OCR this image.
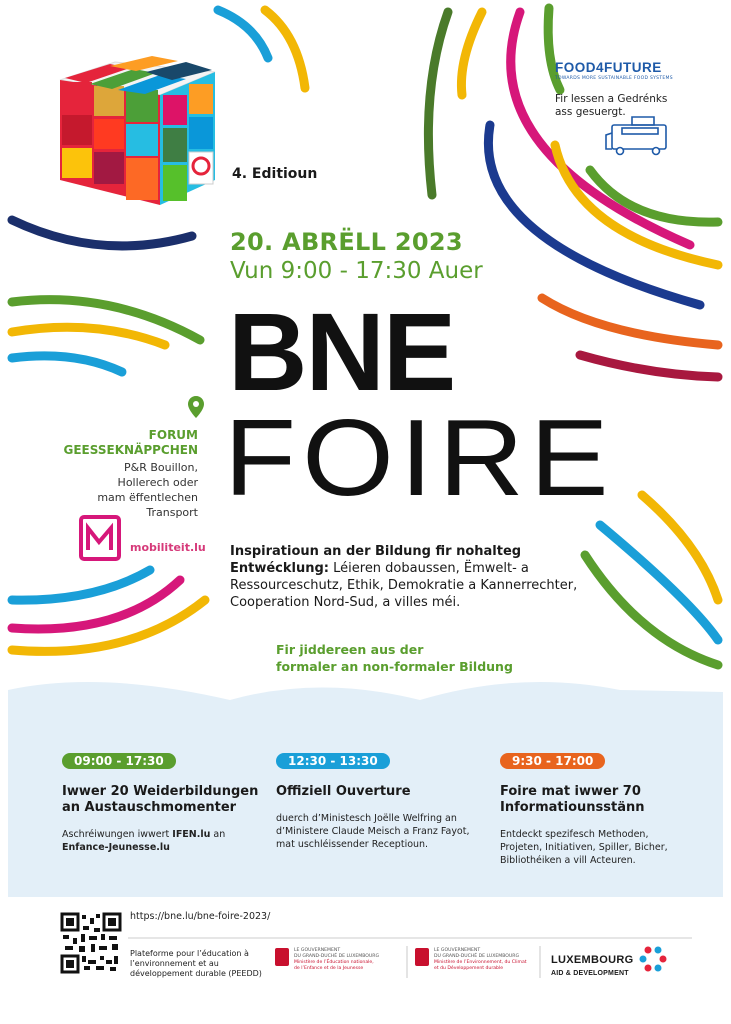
4. Editioun
20. ABRËLL 2023
Vun 9:00 - 17:30 Auer
BNE
FOIRE
Inspiratioun an der Bildung fir nohalteg Entwécklung: Léieren dobaussen, Ëmwelt- a Ressourceschutz, Ethik, Demokratie a Kannerrechter, Cooperation Nord-Sud, a villes méi.
Fir jiddereen aus der
formaler an non-formaler Bildung
FORUM
GEESSEKNÄPPCHEN
P&R Bouillon,
Hollerech oder
mam ëffentlechen
Transport
mobiliteit.lu
FOOD4FUTURE
TOWARDS MORE SUSTAINABLE FOOD SYSTEMS
Fir lessen a Gedrénks
ass gesuergt.
09:00 - 17:30
Iwwer 20 Weiderbildungen an Austauschmomenter

Aschréiwungen iwwert IFEN.lu an Enfance-Jeunesse.lu

12:30 - 13:30
Offiziell Ouverture

duerch d’Ministesch Joëlle Welfring an d’Ministere Claude Meisch a Franz Fayot, mat uschléissender Receptioun.

9:30 - 17:00
Foire mat iwwer 70 Informatiounsstänn

Entdeckt spezifesch Methoden, Projeten, Initiativen, Spiller, Bicher, Bibliothéiken a vill Acteuren.

https://bne.lu/bne-foire-2023/
Plateforme pour l’éducation à l’environnement et au développement durable (PEEDD)
LE GOUVERNEMENT
DU GRAND-DUCHÉ DE LUXEMBOURG
Ministère de l’Éducation nationale,
de l’Enfance et de la Jeunesse
LE GOUVERNEMENT
DU GRAND-DUCHÉ DE LUXEMBOURG
Ministère de l’Environnement, du Climat
et du Développement durable
LUXEMBOURG
AID & DEVELOPMENT
